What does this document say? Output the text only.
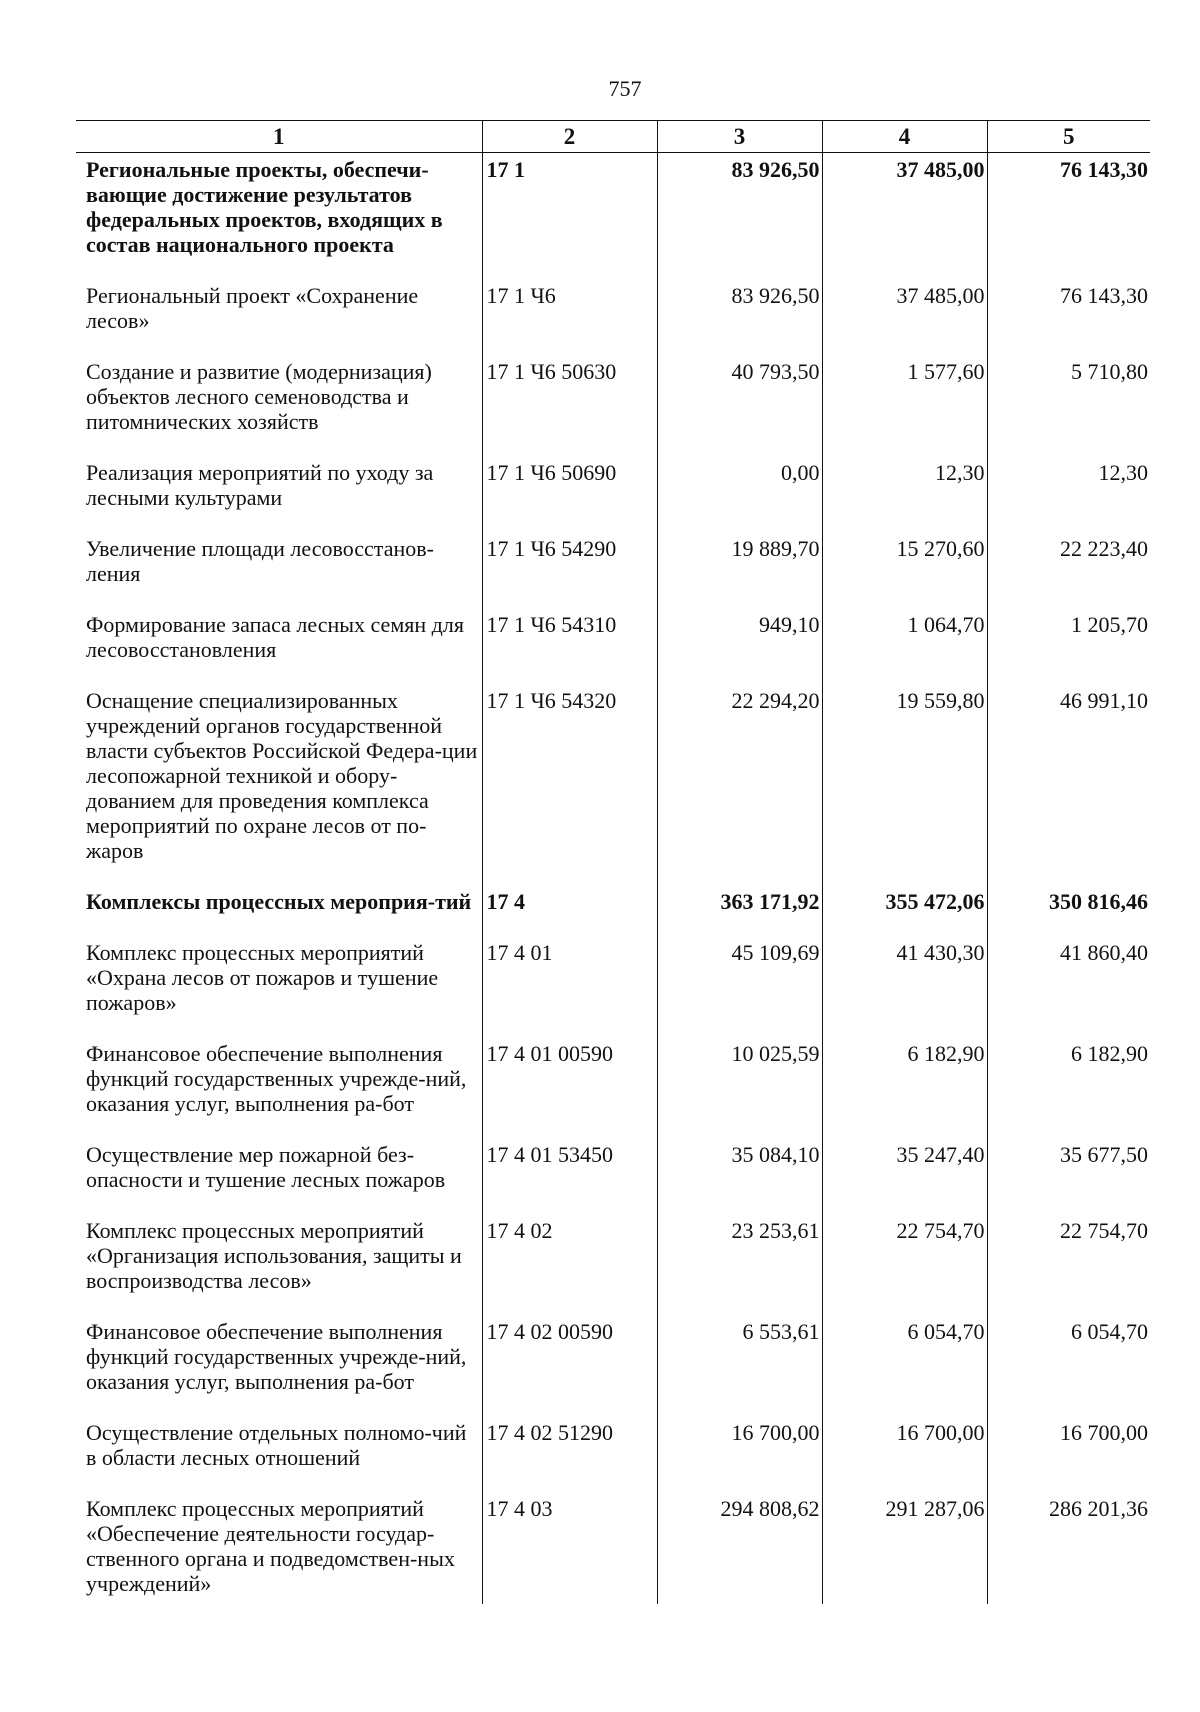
757
1	2	3	4	5
Региональные проекты, обеспечи-вающие достижение результатов федеральных проектов, входящих в состав национального проекта	17 1	83 926,50	37 485,00	76 143,30
Региональный проект «Сохранение лесов»	17 1 Ч6	83 926,50	37 485,00	76 143,30
Создание и развитие (модернизация) объектов лесного семеноводства и питомнических хозяйств	17 1 Ч6 50630	40 793,50	1 577,60	5 710,80
Реализация мероприятий по уходу за лесными культурами	17 1 Ч6 50690	0,00	12,30	12,30
Увеличение площади лесовосстанов-ления	17 1 Ч6 54290	19 889,70	15 270,60	22 223,40
Формирование запаса лесных семян для лесовосстановления	17 1 Ч6 54310	949,10	1 064,70	1 205,70
Оснащение специализированных учреждений органов государственной власти субъектов Российской Федера-ции лесопожарной техникой и обору-дованием для проведения комплекса мероприятий по охране лесов от по-жаров	17 1 Ч6 54320	22 294,20	19 559,80	46 991,10
Комплексы процессных мероприя-тий	17 4	363 171,92	355 472,06	350 816,46
Комплекс процессных мероприятий «Охрана лесов от пожаров и тушение пожаров»	17 4 01	45 109,69	41 430,30	41 860,40
Финансовое обеспечение выполнения функций государственных учрежде-ний, оказания услуг, выполнения ра-бот	17 4 01 00590	10 025,59	6 182,90	6 182,90
Осуществление мер пожарной без-опасности и тушение лесных пожаров	17 4 01 53450	35 084,10	35 247,40	35 677,50
Комплекс процессных мероприятий «Организация использования, защиты и воспроизводства лесов»	17 4 02	23 253,61	22 754,70	22 754,70
Финансовое обеспечение выполнения функций государственных учрежде-ний, оказания услуг, выполнения ра-бот	17 4 02 00590	6 553,61	6 054,70	6 054,70
Осуществление отдельных полномо-чий в области лесных отношений	17 4 02 51290	16 700,00	16 700,00	16 700,00
Комплекс процессных мероприятий «Обеспечение деятельности государ-ственного органа и подведомствен-ных учреждений»	17 4 03	294 808,62	291 287,06	286 201,36
